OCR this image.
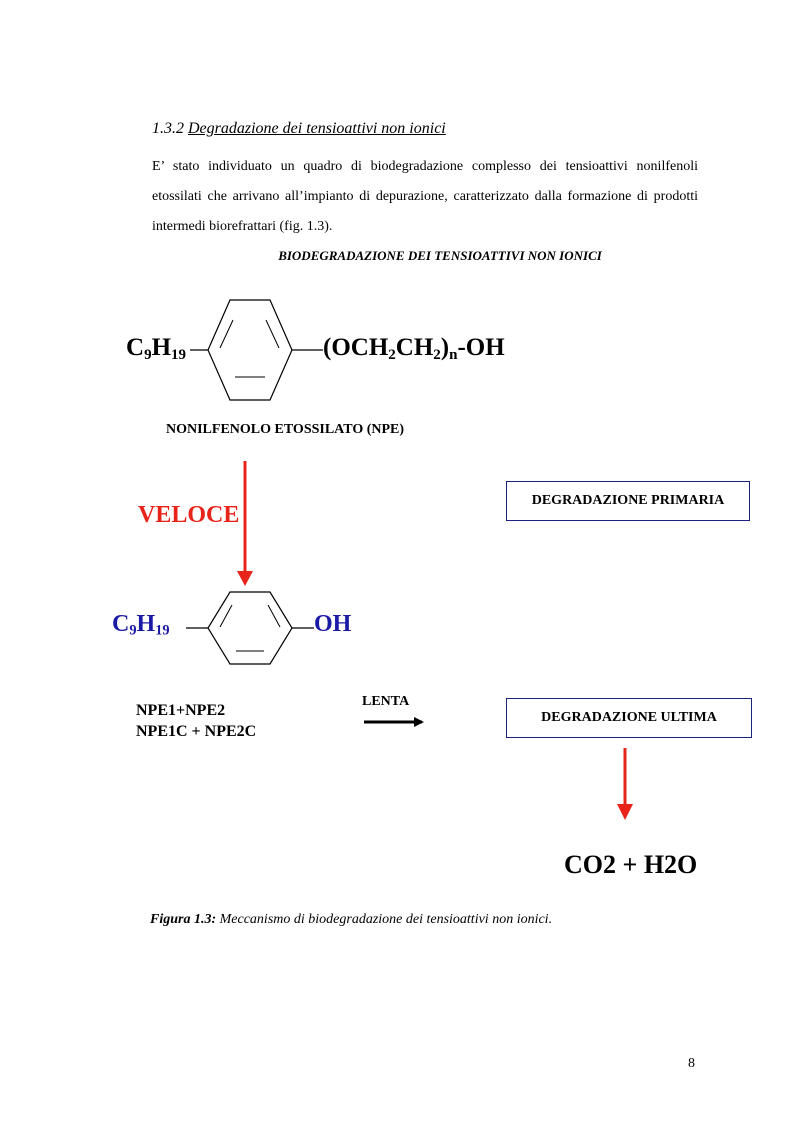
1.3.2 Degradazione dei tensioattivi non ionici
E’ stato individuato un quadro di biodegradazione complesso dei tensioattivi nonilfenoli etossilati che arrivano all’impianto di depurazione, caratterizzato dalla formazione di prodotti intermedi biorefrattari (fig. 1.3).
BIODEGRADAZIONE DEI TENSIOATTIVI NON IONICI
$C_9H_{19}$	$(OCH_2CH_2)_n-OH$
NONILFENOLO ETOSSILATO (NPE)
VELOCE
DEGRADAZIONE PRIMARIA
$C_9H_{19}$	OH
NPE1+NPE2
NPE1C + NPE2C
LENTA
DEGRADAZIONE ULTIMA
CO2 + H2O
Figura 1.3: Meccanismo di biodegradazione dei tensioattivi non ionici.
8
